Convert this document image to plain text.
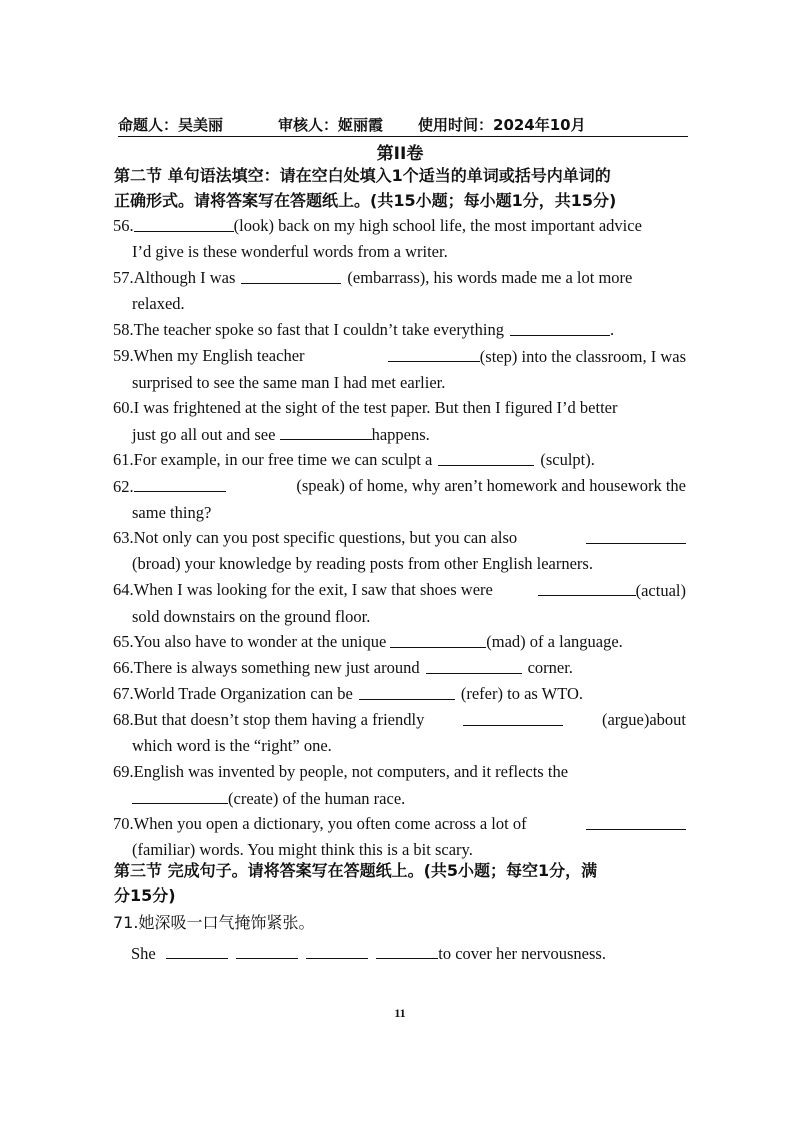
命题人：吴美丽	审核人：姬丽霞 使用时间：2024年10月
第II卷
第二节 单句语法填空：请在空白处填入1个适当的单词或括号内单词的
正确形式。请将答案写在答题纸上。(共15小题；每小题1分，共15分)
56.	(look) back on my high school life, the most important advice
I’d give is these wonderful words from a writer.
57.Although I was	(embarrass), his words made me a lot more
relaxed.
58.The teacher spoke so fast that I couldn’t take everything	.
59.When my English teacher	(step) into the classroom, I was
surprised to see the same man I had met earlier.
60.I was frightened at the sight of the test paper. But then I figured I’d better
just go all out and see	happens.
61.For example, in our free time we can sculpt a	(sculpt).
62.	(speak) of home, why aren’t homework and housework the
same thing?
63.Not only can you post specific questions, but you can also
(broad) your knowledge by reading posts from other English learners.
64.When I was looking for the exit, I saw that shoes were	(actual)
sold downstairs on the ground floor.
65.You also have to wonder at the unique	(mad) of a language.
66.There is always something new just around	corner.
67.World Trade Organization can be	(refer) to as WTO.
68.But that doesn’t stop them having a friendly	(argue)about
which word is the “right” one.
69.English was invented by people, not computers, and it reflects the
(create) of the human race.
70.When you open a dictionary, you often come across a lot of
(familiar) words. You might think this is a bit scary.
第三节 完成句子。请将答案写在答题纸上。(共5小题；每空1分，满
分15分)
71.她深吸一口气掩饰紧张。
She	to cover her nervousness.
11
